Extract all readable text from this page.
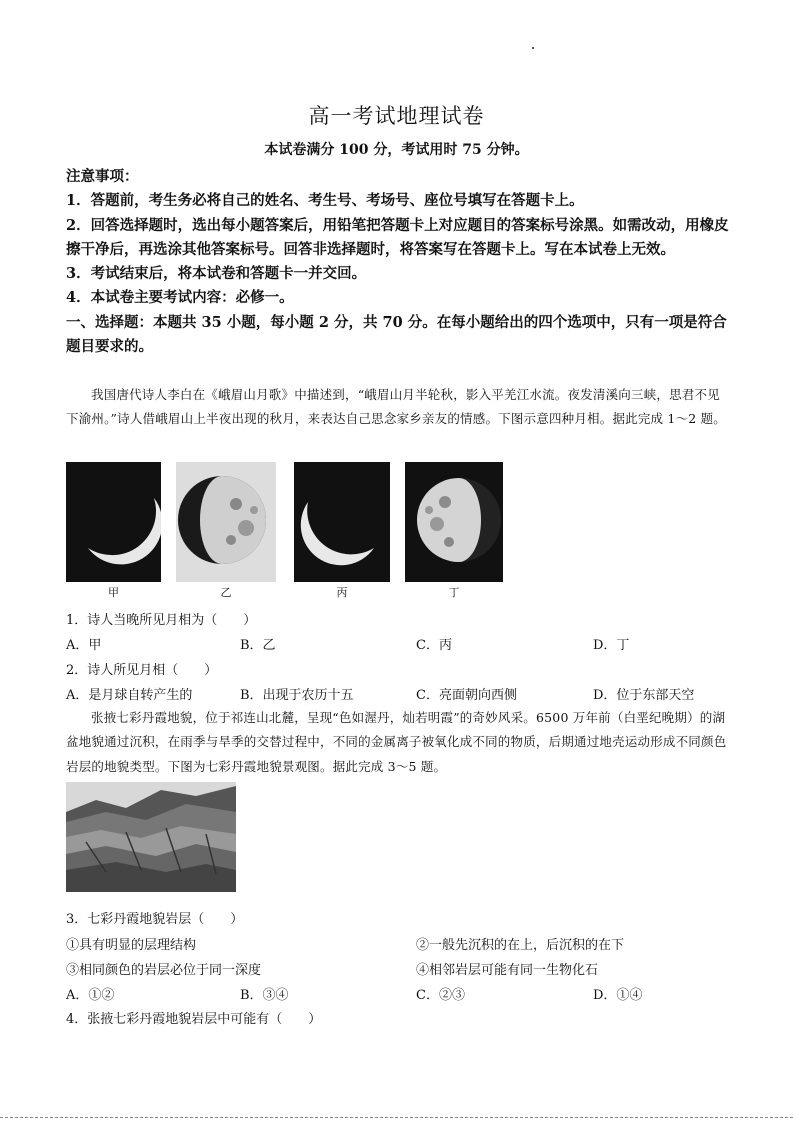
高一考试地理试卷
本试卷满分 100 分，考试用时 75 分钟。

注意事项：

1．答题前，考生务必将自己的姓名、考生号、考场号、座位号填写在答题卡上。

2．回答选择题时，选出每小题答案后，用铅笔把答题卡上对应题目的答案标号涂黑。如需改动，用橡皮擦干净后，再选涂其他答案标号。回答非选择题时，将答案写在答题卡上。写在本试卷上无效。

3．考试结束后，将本试卷和答题卡一并交回。

4．本试卷主要考试内容：必修一。

一、选择题：本题共 35 小题，每小题 2 分，共 70 分。在每小题给出的四个选项中，只有一项是符合题目要求的。

我国唐代诗人李白在《峨眉山月歌》中描述到，“峨眉山月半轮秋，影入平羌江水流。夜发清溪向三峡，思君不见下渝州。”诗人借峨眉山上半夜出现的秋月，来表达自己思念家乡亲友的情感。下图示意四种月相。据此完成 1～2 题。
甲	乙	丙	丁
1．诗人当晚所见月相为（　　）
A．甲	B．乙	C．丙	D．丁
2．诗人所见月相（　　）
A．是月球自转产生的	B．出现于农历十五	C．亮面朝向西侧	D．位于东部天空
张掖七彩丹霞地貌，位于祁连山北麓，呈现“色如渥丹，灿若明霞”的奇妙风采。6500 万年前（白垩纪晚期）的湖盆地貌通过沉积，在雨季与旱季的交替过程中，不同的金属离子被氧化成不同的物质，后期通过地壳运动形成不同颜色岩层的地貌类型。下图为七彩丹霞地貌景观图。据此完成 3～5 题。
3．七彩丹霞地貌岩层（　　）
①具有明显的层理结构	②一般先沉积的在上，后沉积的在下
③相同颜色的岩层必位于同一深度	④相邻岩层可能有同一生物化石
A．①②	B．③④	C．②③	D．①④
4．张掖七彩丹霞地貌岩层中可能有（　　）
